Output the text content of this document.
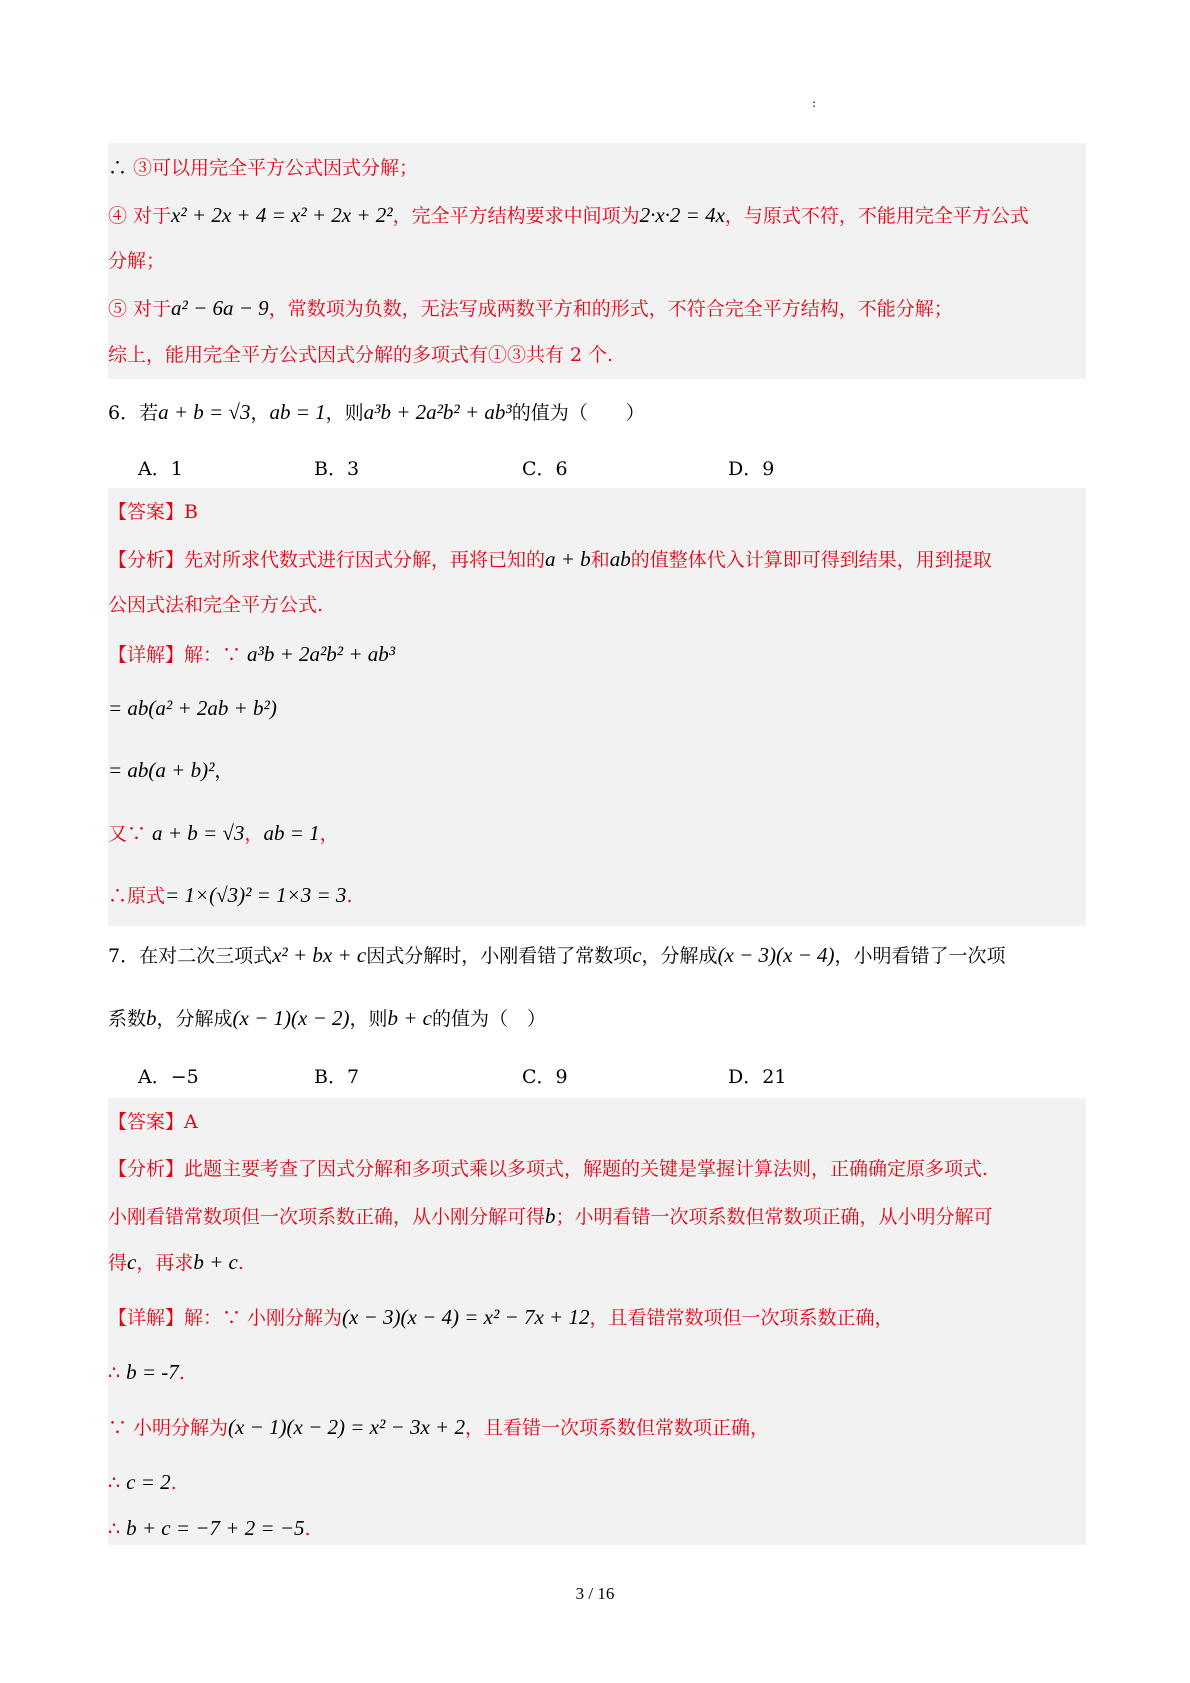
:
∴ ③可以用完全平方公式因式分解；
④ 对于x² + 2x + 4 = x² + 2x + 2²，完全平方结构要求中间项为2·x·2 = 4x，与原式不符，不能用完全平方公式
分解；
⑤ 对于a² − 6a − 9，常数项为负数，无法写成两数平方和的形式，不符合完全平方结构，不能分解；
综上，能用完全平方公式因式分解的多项式有①③共有 2 个.
6．若a + b = √3，ab = 1，则a³b + 2a²b² + ab³的值为（　　）
A．1	B．3	C．6	D．9
【答案】B
【分析】先对所求代数式进行因式分解，再将已知的a + b和ab的值整体代入计算即可得到结果，用到提取
公因式法和完全平方公式.
【详解】解：∵ a³b + 2a²b² + ab³
= ab(a² + 2ab + b²)
= ab(a + b)²，
又∵ a + b = √3，ab = 1，
∴原式= 1×(√3)² = 1×3 = 3.
7．在对二次三项式x² + bx + c因式分解时，小刚看错了常数项c，分解成(x − 3)(x − 4)，小明看错了一次项
系数b，分解成(x − 1)(x − 2)，则b + c的值为（　）
A．−5	B．7	C．9	D．21
【答案】A
【分析】此题主要考查了因式分解和多项式乘以多项式，解题的关键是掌握计算法则，正确确定原多项式.
小刚看错常数项但一次项系数正确，从小刚分解可得b；小明看错一次项系数但常数项正确，从小明分解可
得c，再求b + c.
【详解】解：∵ 小刚分解为(x − 3)(x − 4) = x² − 7x + 12，且看错常数项但一次项系数正确，
∴ b = -7.
∵ 小明分解为(x − 1)(x − 2) = x² − 3x + 2，且看错一次项系数但常数项正确，
∴ c = 2.
∴ b + c = −7 + 2 = −5.
3 / 16
